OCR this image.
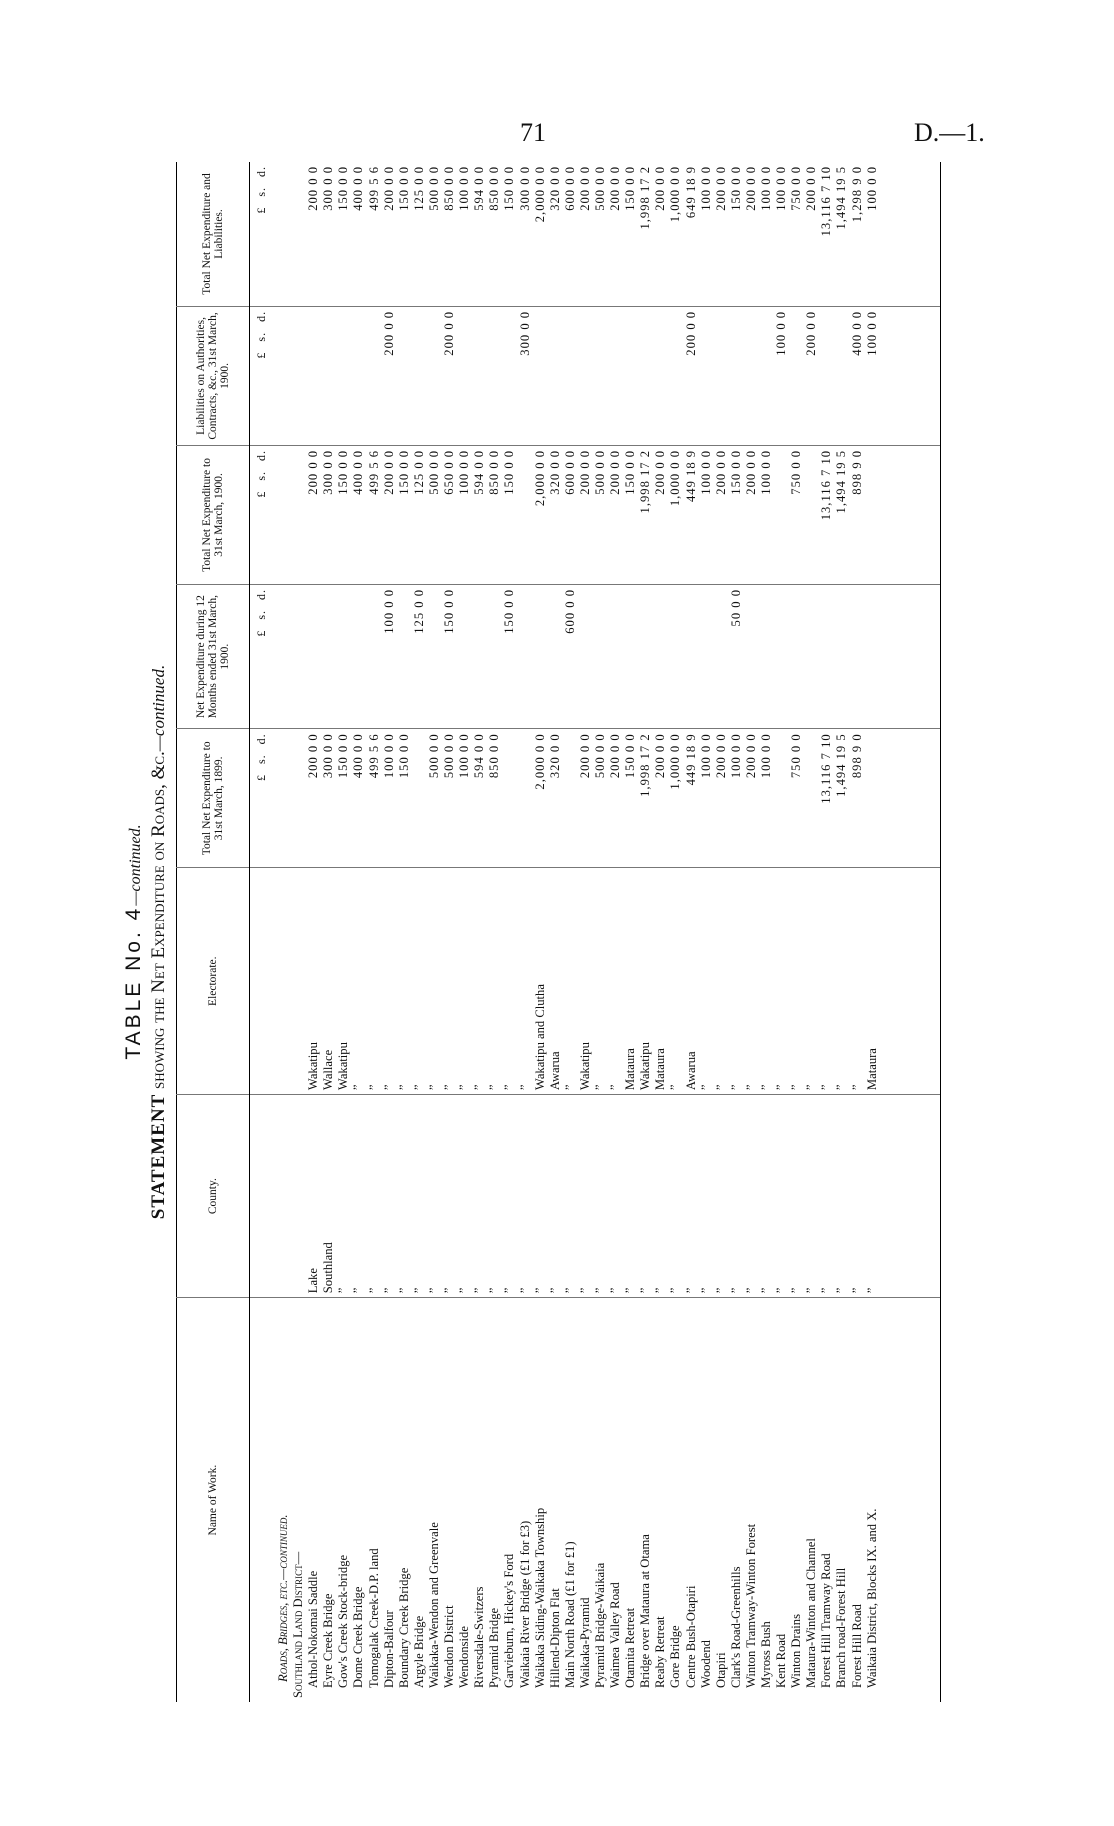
71	D.—1.
TABLE No. 4—continued.
STATEMENT showing the Net Expenditure on Roads, &c.—continued.
Name of Work.	County.	Electorate.	Total Net Expenditure to 31st March, 1899.	Net Expenditure during 12 Months ended 31st March, 1900.	Total Net Expenditure to 31st March, 1900.	Liabilities on Authorities, Contracts, &c., 31st March, 1900.	Total Net Expenditure and Liabilities.
			£s.d.	£s.d.	£s.d.	£s.d.	£s.d.
Roads, Bridges, etc.—continued.							
Southland Land District—							
Athol-Nokomai Saddle	Lake	Wakatipu	200 0 0		200 0 0		200 0 0
Eyre Creek Bridge	Southland	Wallace	300 0 0		300 0 0		300 0 0
Gow's Creek Stock-bridge	”	Wakatipu	150 0 0		150 0 0		150 0 0
Dome Creek Bridge	”	”	400 0 0		400 0 0		400 0 0
Tomogalak Creek-D.P. land	”	”	499 5 6		499 5 6		499 5 6
Dipton-Balfour	”	”	100 0 0	100 0 0	200 0 0	200 0 0	200 0 0
Boundary Creek Bridge	”	”	150 0 0		150 0 0		150 0 0
Argyle Bridge	”	”		125 0 0	125 0 0		125 0 0
Waikaka-Wendon and Greenvale	”	”	500 0 0		500 0 0		500 0 0
Wendon District	”	”	500 0 0	150 0 0	650 0 0	200 0 0	850 0 0
Wendonside	”	”	100 0 0		100 0 0		100 0 0
Riversdale-Switzers	”	”	594 0 0		594 0 0		594 0 0
Pyramid Bridge	”	”	850 0 0		850 0 0		850 0 0
Garvieburn, Hickey's Ford	”	”		150 0 0	150 0 0		150 0 0
Waikaia River Bridge (£1 for £3)	”	”				300 0 0	300 0 0
Waikaka Siding-Waikaka Township	”	Wakatipu and Clutha	2,000 0 0		2,000 0 0		2,000 0 0
Hillend-Dipton Flat	”	Awarua	320 0 0		320 0 0		320 0 0
Main North Road (£1 for £1)	”	”		600 0 0	600 0 0		600 0 0
Waikaka-Pyramid	”	Wakatipu	200 0 0		200 0 0		200 0 0
Pyramid Bridge-Waikaia	”	”	500 0 0		500 0 0		500 0 0
Waimea Valley Road	”	”	200 0 0		200 0 0		200 0 0
Otamita Retreat	”	Mataura	150 0 0		150 0 0		150 0 0
Bridge over Mataura at Otama	”	Wakatipu	1,998 17 2		1,998 17 2		1,998 17 2
Reaby Retreat	”	Mataura	200 0 0		200 0 0		200 0 0
Gore Bridge	”	”	1,000 0 0		1,000 0 0		1,000 0 0
Centre Bush-Otapiri	”	Awarua	449 18 9		449 18 9	200 0 0	649 18 9
Woodend	”	”	100 0 0		100 0 0		100 0 0
Otapiri	”	”	200 0 0		200 0 0		200 0 0
Clark's Road-Greenhills	”	”	100 0 0	50 0 0	150 0 0		150 0 0
Winton Tramway-Winton Forest	”	”	200 0 0		200 0 0		200 0 0
Myross Bush	”	”	100 0 0		100 0 0		100 0 0
Kent Road	”	”				100 0 0	100 0 0
Winton Drains	”	”	750 0 0		750 0 0		750 0 0
Mataura-Winton and Channel	”	”				200 0 0	200 0 0
Forest Hill Tramway Road	”	”	13,116 7 10		13,116 7 10		13,116 7 10
Branch road-Forest Hill	”	”	1,494 19 5		1,494 19 5		1,494 19 5
Forest Hill Road	”	”	898 9 0		898 9 0	400 0 0	1,298 9 0
Waikaia District, Blocks IX. and X.	”	Mataura				100 0 0	100 0 0
